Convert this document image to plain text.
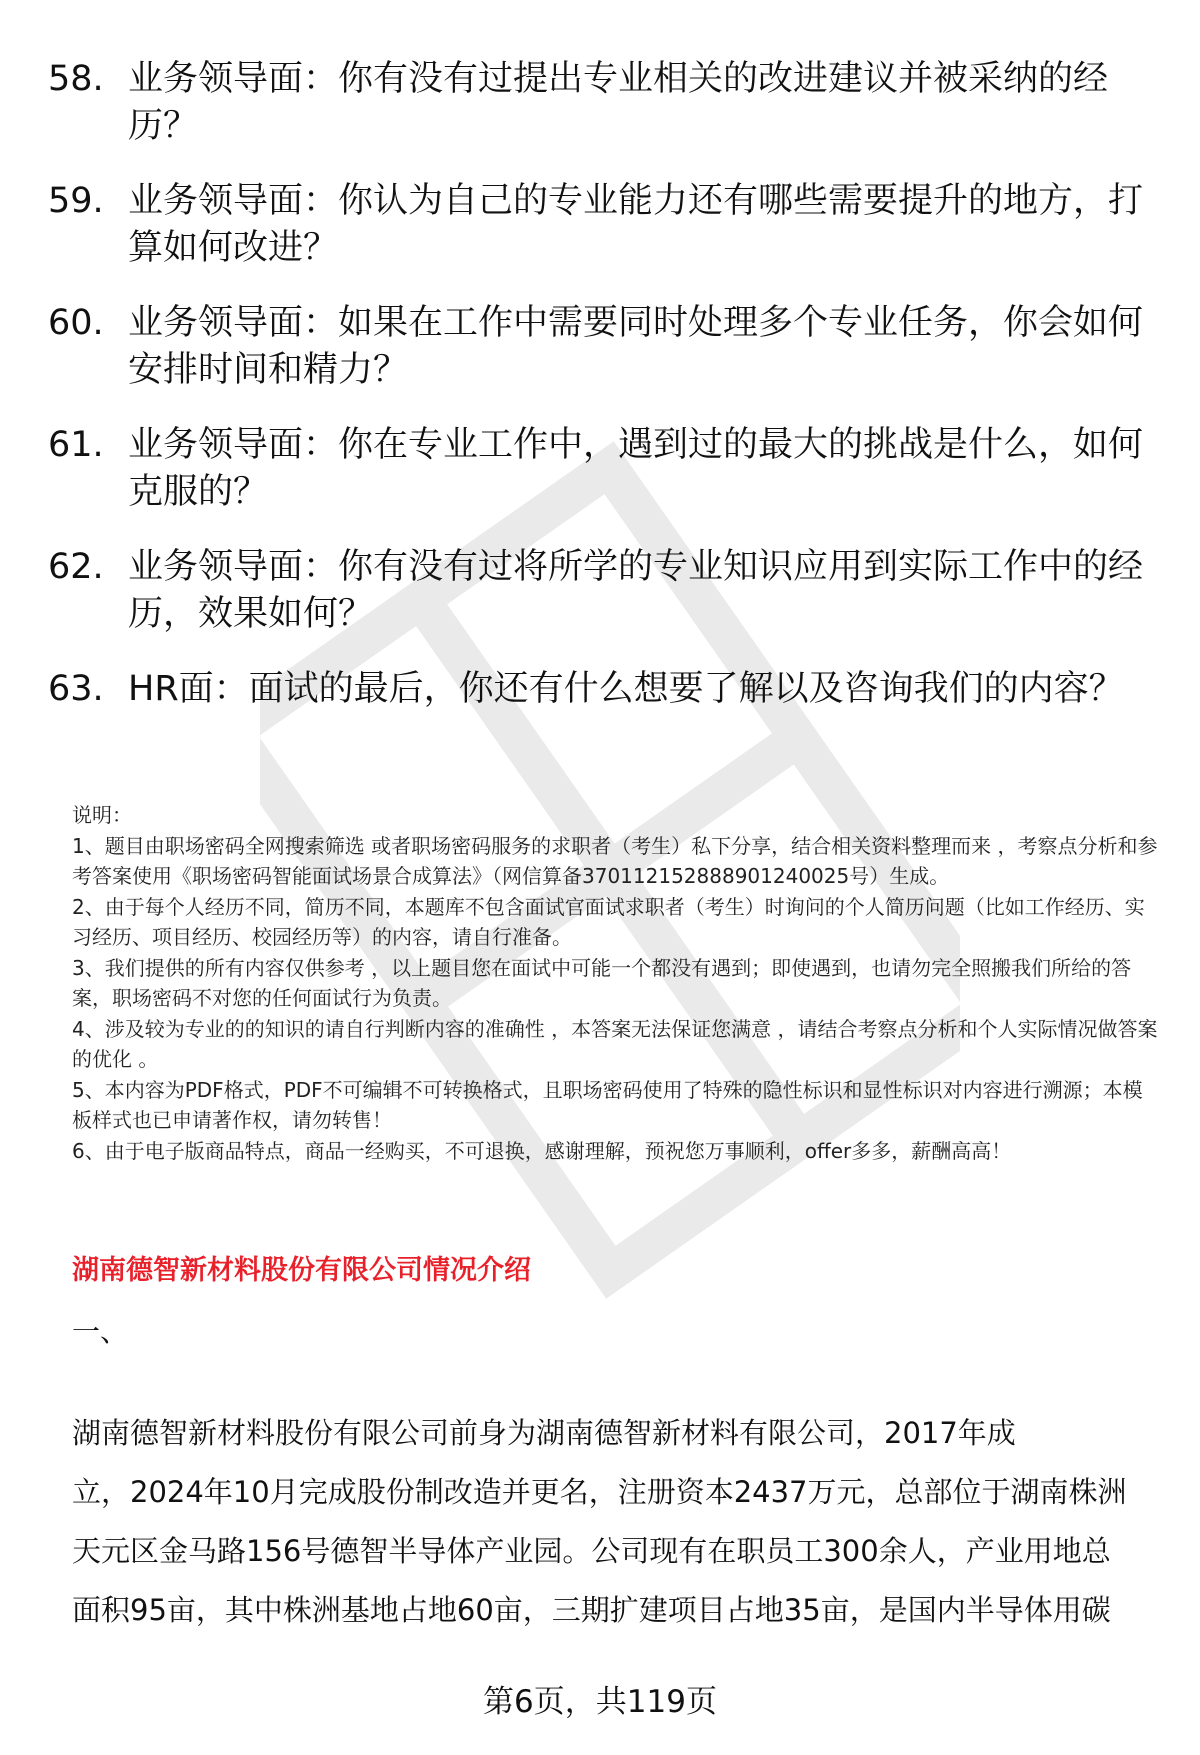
58. 业务领导面：你有没有过提出专业相关的改进建议并被采纳的经历？
59. 业务领导面：你认为自己的专业能力还有哪些需要提升的地方，打算如何改进？
60. 业务领导面：如果在工作中需要同时处理多个专业任务，你会如何安排时间和精力？
61. 业务领导面：你在专业工作中，遇到过的最大的挑战是什么，如何克服的？
62. 业务领导面：你有没有过将所学的专业知识应用到实际工作中的经历，效果如何？
63. HR面：面试的最后，你还有什么想要了解以及咨询我们的内容？

说明：

1、题目由职场密码全网搜索筛选 或者职场密码服务的求职者（考生）私下分享，结合相关资料整理而来 ，考察点分析和参考答案使用《职场密码智能面试场景合成算法》（网信算备370112152888901240025号）生成。

2、由于每个人经历不同，简历不同，本题库不包含面试官面试求职者（考生）时询问的个人简历问题（比如工作经历、实习经历、项目经历、校园经历等）的内容，请自行准备。

3、我们提供的所有内容仅供参考 ，以上题目您在面试中可能一个都没有遇到；即使遇到，也请勿完全照搬我们所给的答案，职场密码不对您的任何面试行为负责。

4、涉及较为专业的的知识的请自行判断内容的准确性 ，本答案无法保证您满意 ，请结合考察点分析和个人实际情况做答案的优化 。

5、本内容为PDF格式，PDF不可编辑不可转换格式，且职场密码使用了特殊的隐性标识和显性标识对内容进行溯源；本模板样式也已申请著作权，请勿转售！

6、由于电子版商品特点，商品一经购买，不可退换，感谢理解，预祝您万事顺利，offer多多，薪酬高高！

湖南德智新材料股份有限公司情况介绍
一、
湖南德智新材料股份有限公司前身为湖南德智新材料有限公司，2017年成
立，2024年10月完成股份制改造并更名，注册资本2437万元，总部位于湖南株洲
天元区金马路156号德智半导体产业园。公司现有在职员工300余人，产业用地总
面积95亩，其中株洲基地占地60亩，三期扩建项目占地35亩，是国内半导体用碳
第6页，共119页
